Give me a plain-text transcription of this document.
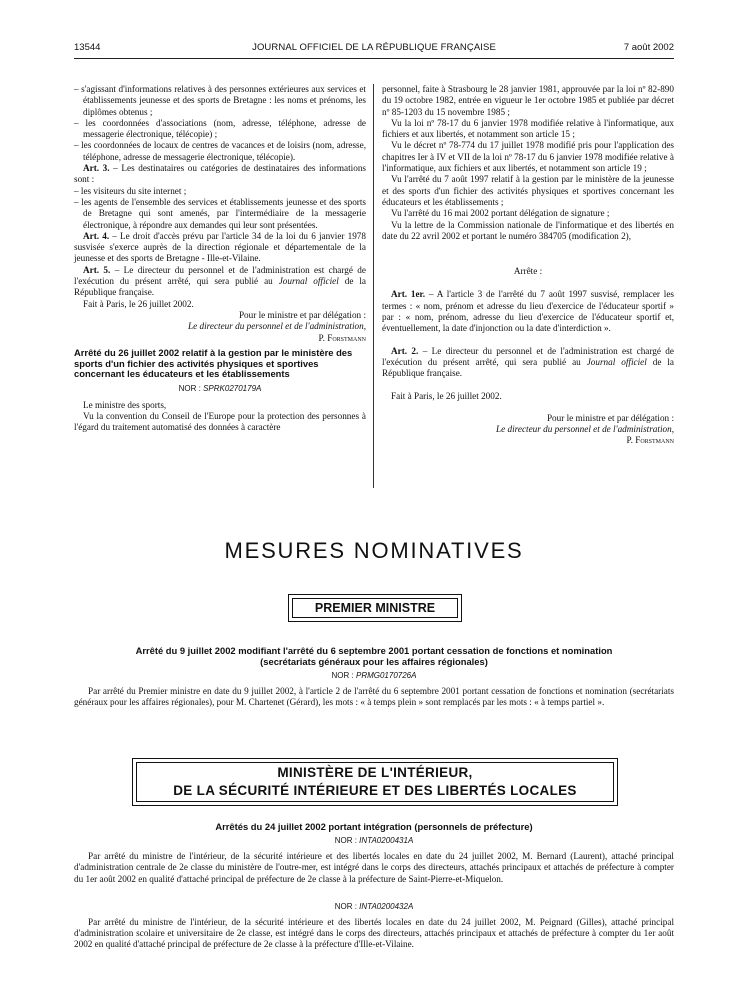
13544	JOURNAL OFFICIEL DE LA RÉPUBLIQUE FRANÇAISE	7 août 2002

– s'agissant d'informations relatives à des personnes extérieures aux services et établissements jeunesse et des sports de Bretagne : les noms et prénoms, les diplômes obtenus ;

– les coordonnées d'associations (nom, adresse, téléphone, adresse de messagerie électronique, télécopie) ;

– les coordonnées de locaux de centres de vacances et de loisirs (nom, adresse, téléphone, adresse de messagerie électronique, télécopie).

Art. 3. – Les destinataires ou catégories de destinataires des informations sont :

– les visiteurs du site internet ;

– les agents de l'ensemble des services et établissements jeunesse et des sports de Bretagne qui sont amenés, par l'intermédiaire de la messagerie électronique, à répondre aux demandes qui leur sont présentées.

Art. 4. – Le droit d'accès prévu par l'article 34 de la loi du 6 janvier 1978 susvisée s'exerce auprès de la direction régionale et départementale de la jeunesse et des sports de Bretagne - Ille-et-Vilaine.

Art. 5. – Le directeur du personnel et de l'administration est chargé de l'exécution du présent arrêté, qui sera publié au Journal officiel de la République française.

Fait à Paris, le 26 juillet 2002.

Pour le ministre et par délégation :

Le directeur du personnel et de l'administration,

P. Forstmann

Arrêté du 26 juillet 2002 relatif à la gestion par le ministère des sports d'un fichier des activités physiques et sportives concernant les éducateurs et les établissements

NOR : SPRK0270179A

Le ministre des sports,

Vu la convention du Conseil de l'Europe pour la protection des personnes à l'égard du traitement automatisé des données à caractère

personnel, faite à Strasbourg le 28 janvier 1981, approuvée par la loi nº 82-890 du 19 octobre 1982, entrée en vigueur le 1er octobre 1985 et publiée par décret nº 85-1203 du 15 novembre 1985 ;

Vu la loi nº 78-17 du 6 janvier 1978 modifiée relative à l'informatique, aux fichiers et aux libertés, et notamment son article 15 ;

Vu le décret nº 78-774 du 17 juillet 1978 modifié pris pour l'application des chapitres Ier à IV et VII de la loi nº 78-17 du 6 janvier 1978 modifiée relative à l'informatique, aux fichiers et aux libertés, et notamment son article 19 ;

Vu l'arrêté du 7 août 1997 relatif à la gestion par le ministère de la jeunesse et des sports d'un fichier des activités physiques et sportives concernant les éducateurs et les établissements ;

Vu l'arrêté du 16 mai 2002 portant délégation de signature ;

Vu la lettre de la Commission nationale de l'informatique et des libertés en date du 22 avril 2002 et portant le numéro 384705 (modification 2),

Arrête :

Art. 1er. – A l'article 3 de l'arrêté du 7 août 1997 susvisé, remplacer les termes : « nom, prénom et adresse du lieu d'exercice de l'éducateur sportif » par : « nom, prénom, adresse du lieu d'exercice de l'éducateur sportif et, éventuellement, la date d'injonction ou la date d'interdiction ».

Art. 2. – Le directeur du personnel et de l'administration est chargé de l'exécution du présent arrêté, qui sera publié au Journal officiel de la République française.

Fait à Paris, le 26 juillet 2002.

Pour le ministre et par délégation :

Le directeur du personnel et de l'administration,

P. Forstmann

MESURES NOMINATIVES
PREMIER MINISTRE

Arrêté du 9 juillet 2002 modifiant l'arrêté du 6 septembre 2001 portant cessation de fonctions et nomination

(secrétariats généraux pour les affaires régionales)

NOR : PRMG0170726A

Par arrêté du Premier ministre en date du 9 juillet 2002, à l'article 2 de l'arrêté du 6 septembre 2001 portant cessation de fonctions et nomination (secrétariats généraux pour les affaires régionales), pour M. Chartenet (Gérard), les mots : « à temps plein » sont remplacés par les mots : « à temps partiel ».

MINISTÈRE DE L'INTÉRIEUR,
DE LA SÉCURITÉ INTÉRIEURE ET DES LIBERTÉS LOCALES

Arrêtés du 24 juillet 2002 portant intégration (personnels de préfecture)

NOR : INTA0200431A

Par arrêté du ministre de l'intérieur, de la sécurité intérieure et des libertés locales en date du 24 juillet 2002, M. Bernard (Laurent), attaché principal d'administration centrale de 2e classe du ministère de l'outre-mer, est intégré dans le corps des directeurs, attachés principaux et attachés de préfecture à compter du 1er août 2002 en qualité d'attaché principal de préfecture de 2e classe à la préfecture de Saint-Pierre-et-Miquelon.

NOR : INTA0200432A

Par arrêté du ministre de l'intérieur, de la sécurité intérieure et des libertés locales en date du 24 juillet 2002, M. Peignard (Gilles), attaché principal d'administration scolaire et universitaire de 2e classe, est intégré dans le corps des directeurs, attachés principaux et attachés de préfecture à compter du 1er août 2002 en qualité d'attaché principal de préfecture de 2e classe à la préfecture d'Ille-et-Vilaine.
